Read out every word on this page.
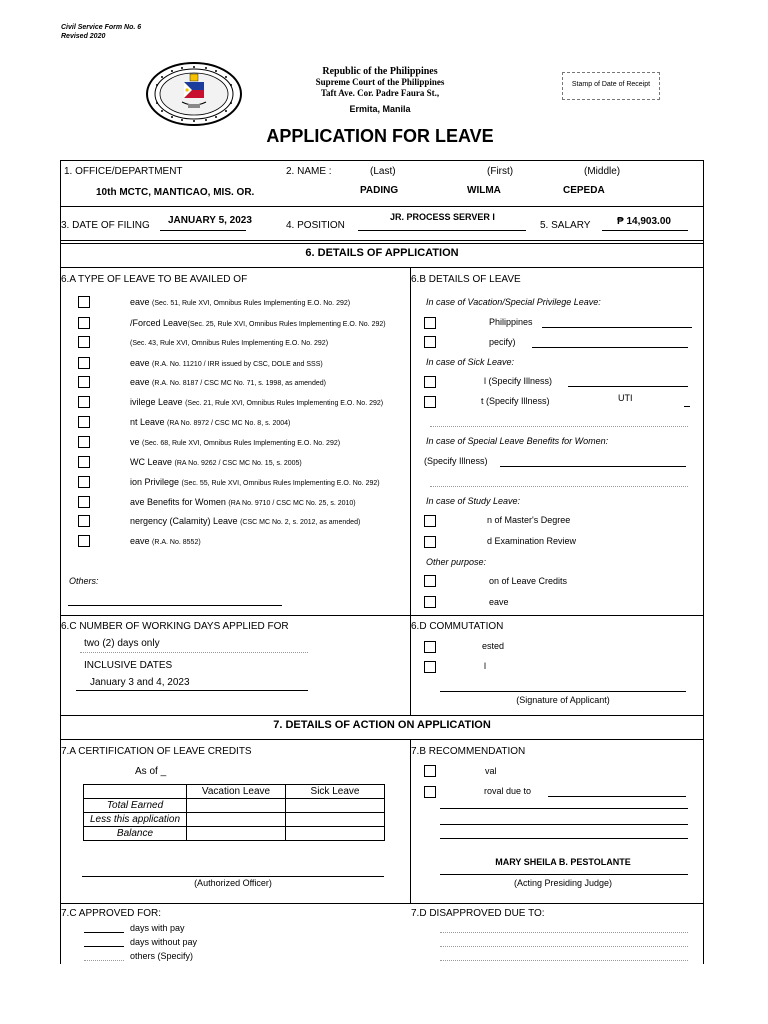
Civil Service Form No. 6
Revised 2020
Republic of the Philippines
Supreme Court of the Philippines
Taft Ave. Cor. Padre Faura St.,
Ermita, Manila
Stamp of Date of Receipt
APPLICATION FOR LEAVE
1. OFFICE/DEPARTMENT
10th MCTC, MANTICAO, MIS. OR.
2. NAME :	(Last)	(First)	(Middle)
PADING	WILMA	CEPEDA
3. DATE OF FILING JANUARY 5, 2023	4. POSITION
JR. PROCESS SERVER I
5. SALARY	₱ 14,903.00
6. DETAILS OF APPLICATION
6.A TYPE OF LEAVE TO BE AVAILED OF
eave (Sec. 51, Rule XVI, Omnibus Rules Implementing E.O. No. 292)
/Forced Leave(Sec. 25, Rule XVI, Omnibus Rules Implementing E.O. No. 292)
(Sec. 43, Rule XVI, Omnibus Rules Implementing E.O. No. 292)
eave (R.A. No. 11210 / IRR issued by CSC, DOLE and SSS)
eave (R.A. No. 8187 / CSC MC No. 71, s. 1998, as amended)
ivilege Leave (Sec. 21, Rule XVI, Omnibus Rules Implementing E.O. No. 292)
nt Leave (RA No. 8972 / CSC MC No. 8, s. 2004)
ve (Sec. 68, Rule XVI, Omnibus Rules Implementing E.O. No. 292)
WC Leave (RA No. 9262 / CSC MC No. 15, s. 2005)
ion Privilege (Sec. 55, Rule XVI, Omnibus Rules Implementing E.O. No. 292)
ave Benefits for Women (RA No. 9710 / CSC MC No. 25, s. 2010)
nergency (Calamity) Leave (CSC MC No. 2, s. 2012, as amended)
eave (R.A. No. 8552)
Others:
6.B DETAILS OF LEAVE
In case of Vacation/Special Privilege Leave:
Philippines
pecify)
In case of Sick Leave:
l (Specify Illness)
t (Specify Illness)	UTI
In case of Special Leave Benefits for Women:
(Specify Illness)
In case of Study Leave:
n of Master's Degree
d Examination Review
Other purpose:
on of Leave Credits
eave
6.C NUMBER OF WORKING DAYS APPLIED FOR
two (2) days only
INCLUSIVE DATES
January 3 and 4, 2023
6.D COMMUTATION
ested
l
(Signature of Applicant)
7. DETAILS OF ACTION ON APPLICATION
7.A CERTIFICATION OF LEAVE CREDITS
As of _
	Vacation Leave	Sick Leave
Total Earned		
Less this application		
Balance		
(Authorized Officer)
7.B RECOMMENDATION
val
roval due to
MARY SHEILA B. PESTOLANTE
(Acting Presiding Judge)
7.C APPROVED FOR:
days with pay
days without pay
others (Specify)
7.D DISAPPROVED DUE TO:
